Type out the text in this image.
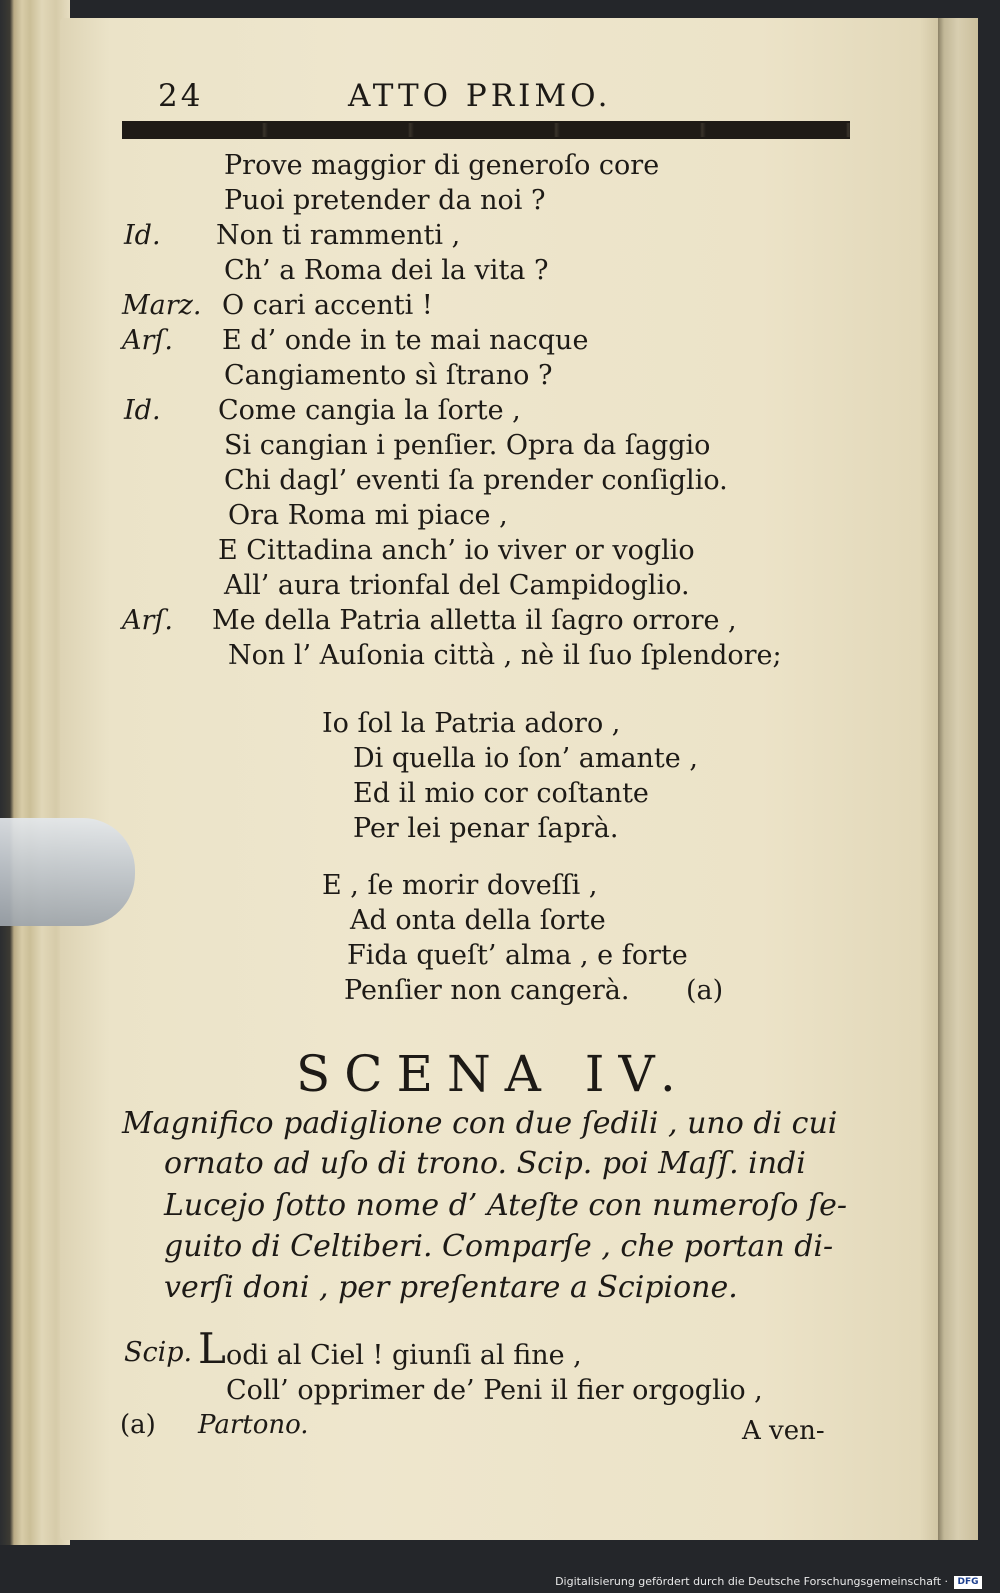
24	ATTO PRIMO.
Prove maggior di generoſo core
Puoi pretender da noi ?
Id. Non ti rammenti ,
Ch’ a Roma dei la vita ?
Marz. O cari accenti !
Arſ. E d’ onde in te mai nacque
Cangiamento sì ſtrano ?
Id. Come cangia la ſorte ,
Si cangian i penſier. Opra da ſaggio
Chi dagl’ eventi ſa prender conſiglio.
Ora Roma mi piace ,
E Cittadina anch’ io viver or voglio
All’ aura trionfal del Campidoglio.
Arſ. Me della Patria alletta il ſagro orrore ,
Non l’ Auſonia città , nè il ſuo ſplendore;
Io ſol la Patria adoro ,
Di quella io ſon’ amante ,
Ed il mio cor coſtante
Per lei penar ſaprà.
E , ſe morir doveſſi ,
Ad onta della ſorte
Fida queſt’ alma , e forte
Penſier non cangerà. (a)
SCENA IV.
Magnifico padiglione con due ſedili , uno di cui
ornato ad uſo di trono. Scip. poi Maſſ. indi
Lucejo ſotto nome d’ Ateſte con numeroſo ſe-
guito di Celtiberi. Comparſe , che portan di-
verſi doni , per preſentare a Scipione.
Scip. L odi al Ciel ! giunſi al fine ,
Coll’ opprimer de’ Peni il fier orgoglio ,
(a) Partono.	A ven-
Digitalisierung gefördert durch die Deutsche Forschungsgemeinschaft ·	DFG
